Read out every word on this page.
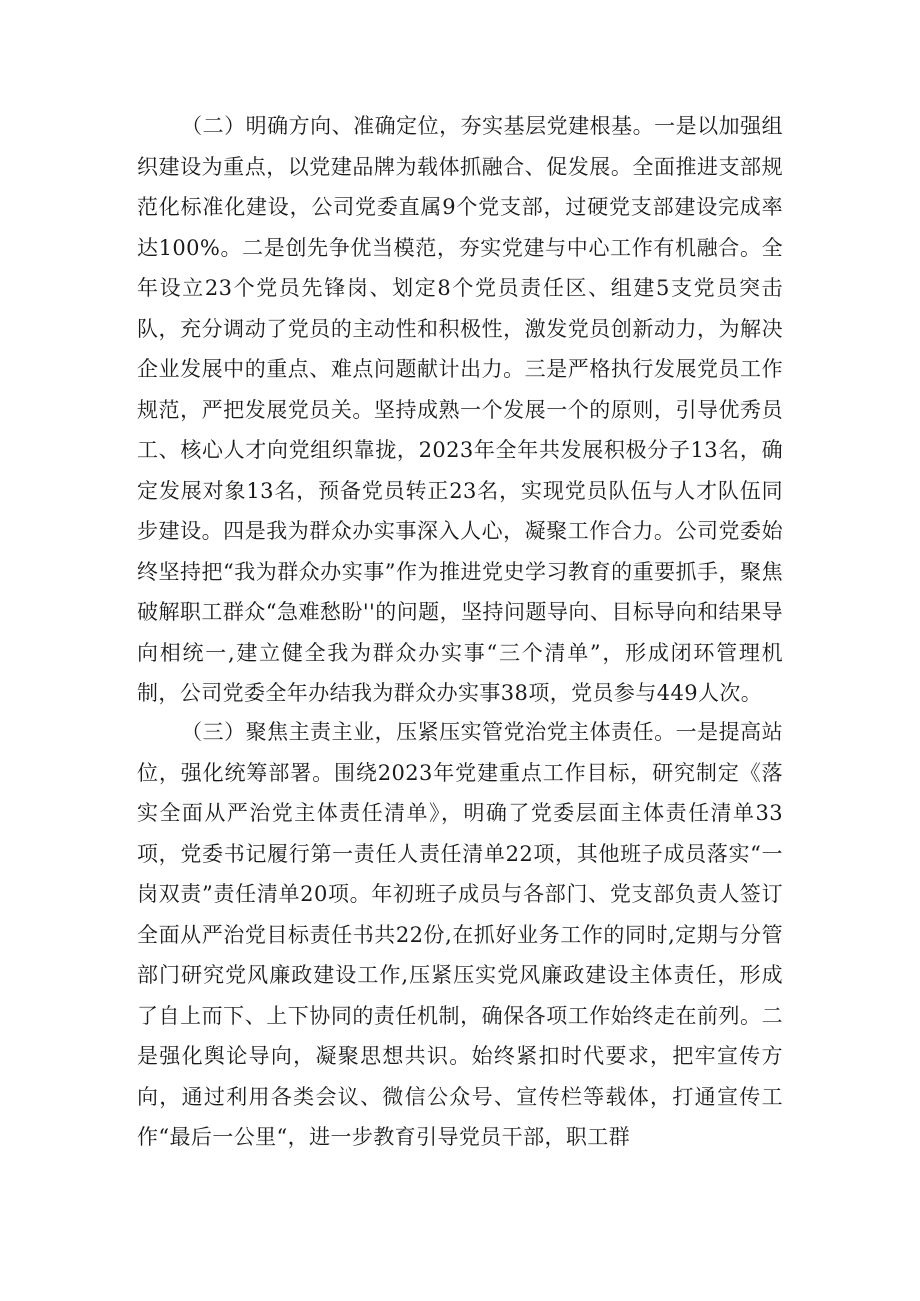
（二）明确方向、准确定位，夯实基层党建根基。一是以加强组织建设为重点，以党建品牌为载体抓融合、促发展。全面推进支部规范化标准化建设，公司党委直属9个党支部，过硬党支部建设完成率达100%。二是创先争优当模范，夯实党建与中心工作有机融合。全年设立23个党员先锋岗、划定8个党员责任区、组建5支党员突击队，充分调动了党员的主动性和积极性，激发党员创新动力，为解决企业发展中的重点、难点问题献计出力。三是严格执行发展党员工作规范，严把发展党员关。坚持成熟一个发展一个的原则，引导优秀员工、核心人才向党组织靠拢，2023年全年共发展积极分子13名，确定发展对象13名，预备党员转正23名，实现党员队伍与人才队伍同步建设。四是我为群众办实事深入人心，凝聚工作合力。公司党委始终坚持把“我为群众办实事”作为推进党史学习教育的重要抓手，聚焦破解职工群众“急难愁盼''的问题，坚持问题导向、目标导向和结果导向相统一,建立健全我为群众办实事“三个清单”，形成闭环管理机制，公司党委全年办结我为群众办实事38项，党员参与449人次。

（三）聚焦主责主业，压紧压实管党治党主体责任。一是提高站位，强化统筹部署。围绕2023年党建重点工作目标，研究制定《落实全面从严治党主体责任清单》，明确了党委层面主体责任清单33项，党委书记履行第一责任人责任清单22项，其他班子成员落实“一岗双责”责任清单20项。年初班子成员与各部门、党支部负责人签订全面从严治党目标责任书共22份,在抓好业务工作的同时,定期与分管部门研究党风廉政建设工作,压紧压实党风廉政建设主体责任，形成了自上而下、上下协同的责任机制，确保各项工作始终走在前列。二是强化舆论导向，凝聚思想共识。始终紧扣时代要求，把牢宣传方向，通过利用各类会议、微信公众号、宣传栏等载体，打通宣传工作“最后一公里“，进一步教育引导党员干部，职工群
